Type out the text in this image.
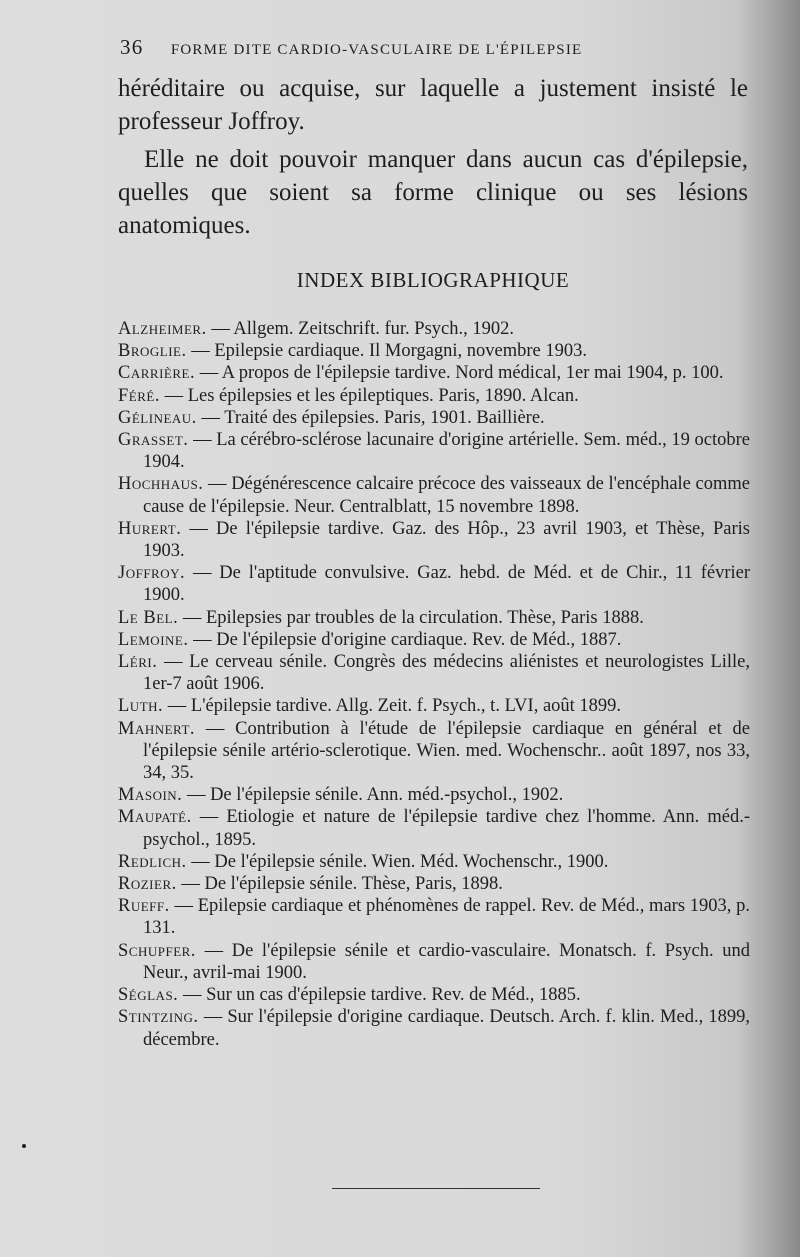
36 FORME DITE CARDIO-VASCULAIRE DE L'ÉPILEPSIE

héréditaire ou acquise, sur laquelle a justement insisté le professeur Joffroy.

Elle ne doit pouvoir manquer dans aucun cas d'épilepsie, quelles que soient sa forme clinique ou ses lésions anatomiques.

INDEX BIBLIOGRAPHIQUE

Alzheimer. — Allgem. Zeitschrift. fur. Psych., 1902.

Broglie. — Epilepsie cardiaque. Il Morgagni, novembre 1903.

Carrière. — A propos de l'épilepsie tardive. Nord médical, 1er mai 1904, p. 100.

Féré. — Les épilepsies et les épileptiques. Paris, 1890. Alcan.

Gélineau. — Traité des épilepsies. Paris, 1901. Baillière.

Grasset. — La cérébro-sclérose lacunaire d'origine artérielle. Sem. méd., 19 octobre 1904.

Hochhaus. — Dégénérescence calcaire précoce des vaisseaux de l'encéphale comme cause de l'épilepsie. Neur. Centralblatt, 15 novembre 1898.

Hurert. — De l'épilepsie tardive. Gaz. des Hôp., 23 avril 1903, et Thèse, Paris 1903.

Joffroy. — De l'aptitude convulsive. Gaz. hebd. de Méd. et de Chir., 11 février 1900.

Le Bel. — Epilepsies par troubles de la circulation. Thèse, Paris 1888.

Lemoine. — De l'épilepsie d'origine cardiaque. Rev. de Méd., 1887.

Léri. — Le cerveau sénile. Congrès des médecins aliénistes et neurologistes Lille, 1er-7 août 1906.

Luth. — L'épilepsie tardive. Allg. Zeit. f. Psych., t. LVI, août 1899.

Mahnert. — Contribution à l'étude de l'épilepsie cardiaque en général et de l'épilepsie sénile artério-sclerotique. Wien. med. Wochenschr.. août 1897, nos 33, 34, 35.

Masoin. — De l'épilepsie sénile. Ann. méd.-psychol., 1902.

Maupaté. — Etiologie et nature de l'épilepsie tardive chez l'homme. Ann. méd.-psychol., 1895.

Redlich. — De l'épilepsie sénile. Wien. Méd. Wochenschr., 1900.

Rozier. — De l'épilepsie sénile. Thèse, Paris, 1898.

Rueff. — Epilepsie cardiaque et phénomènes de rappel. Rev. de Méd., mars 1903, p. 131.

Schupfer. — De l'épilepsie sénile et cardio-vasculaire. Monatsch. f. Psych. und Neur., avril-mai 1900.

Séglas. — Sur un cas d'épilepsie tardive. Rev. de Méd., 1885.

Stintzing. — Sur l'épilepsie d'origine cardiaque. Deutsch. Arch. f. klin. Med., 1899, décembre.
